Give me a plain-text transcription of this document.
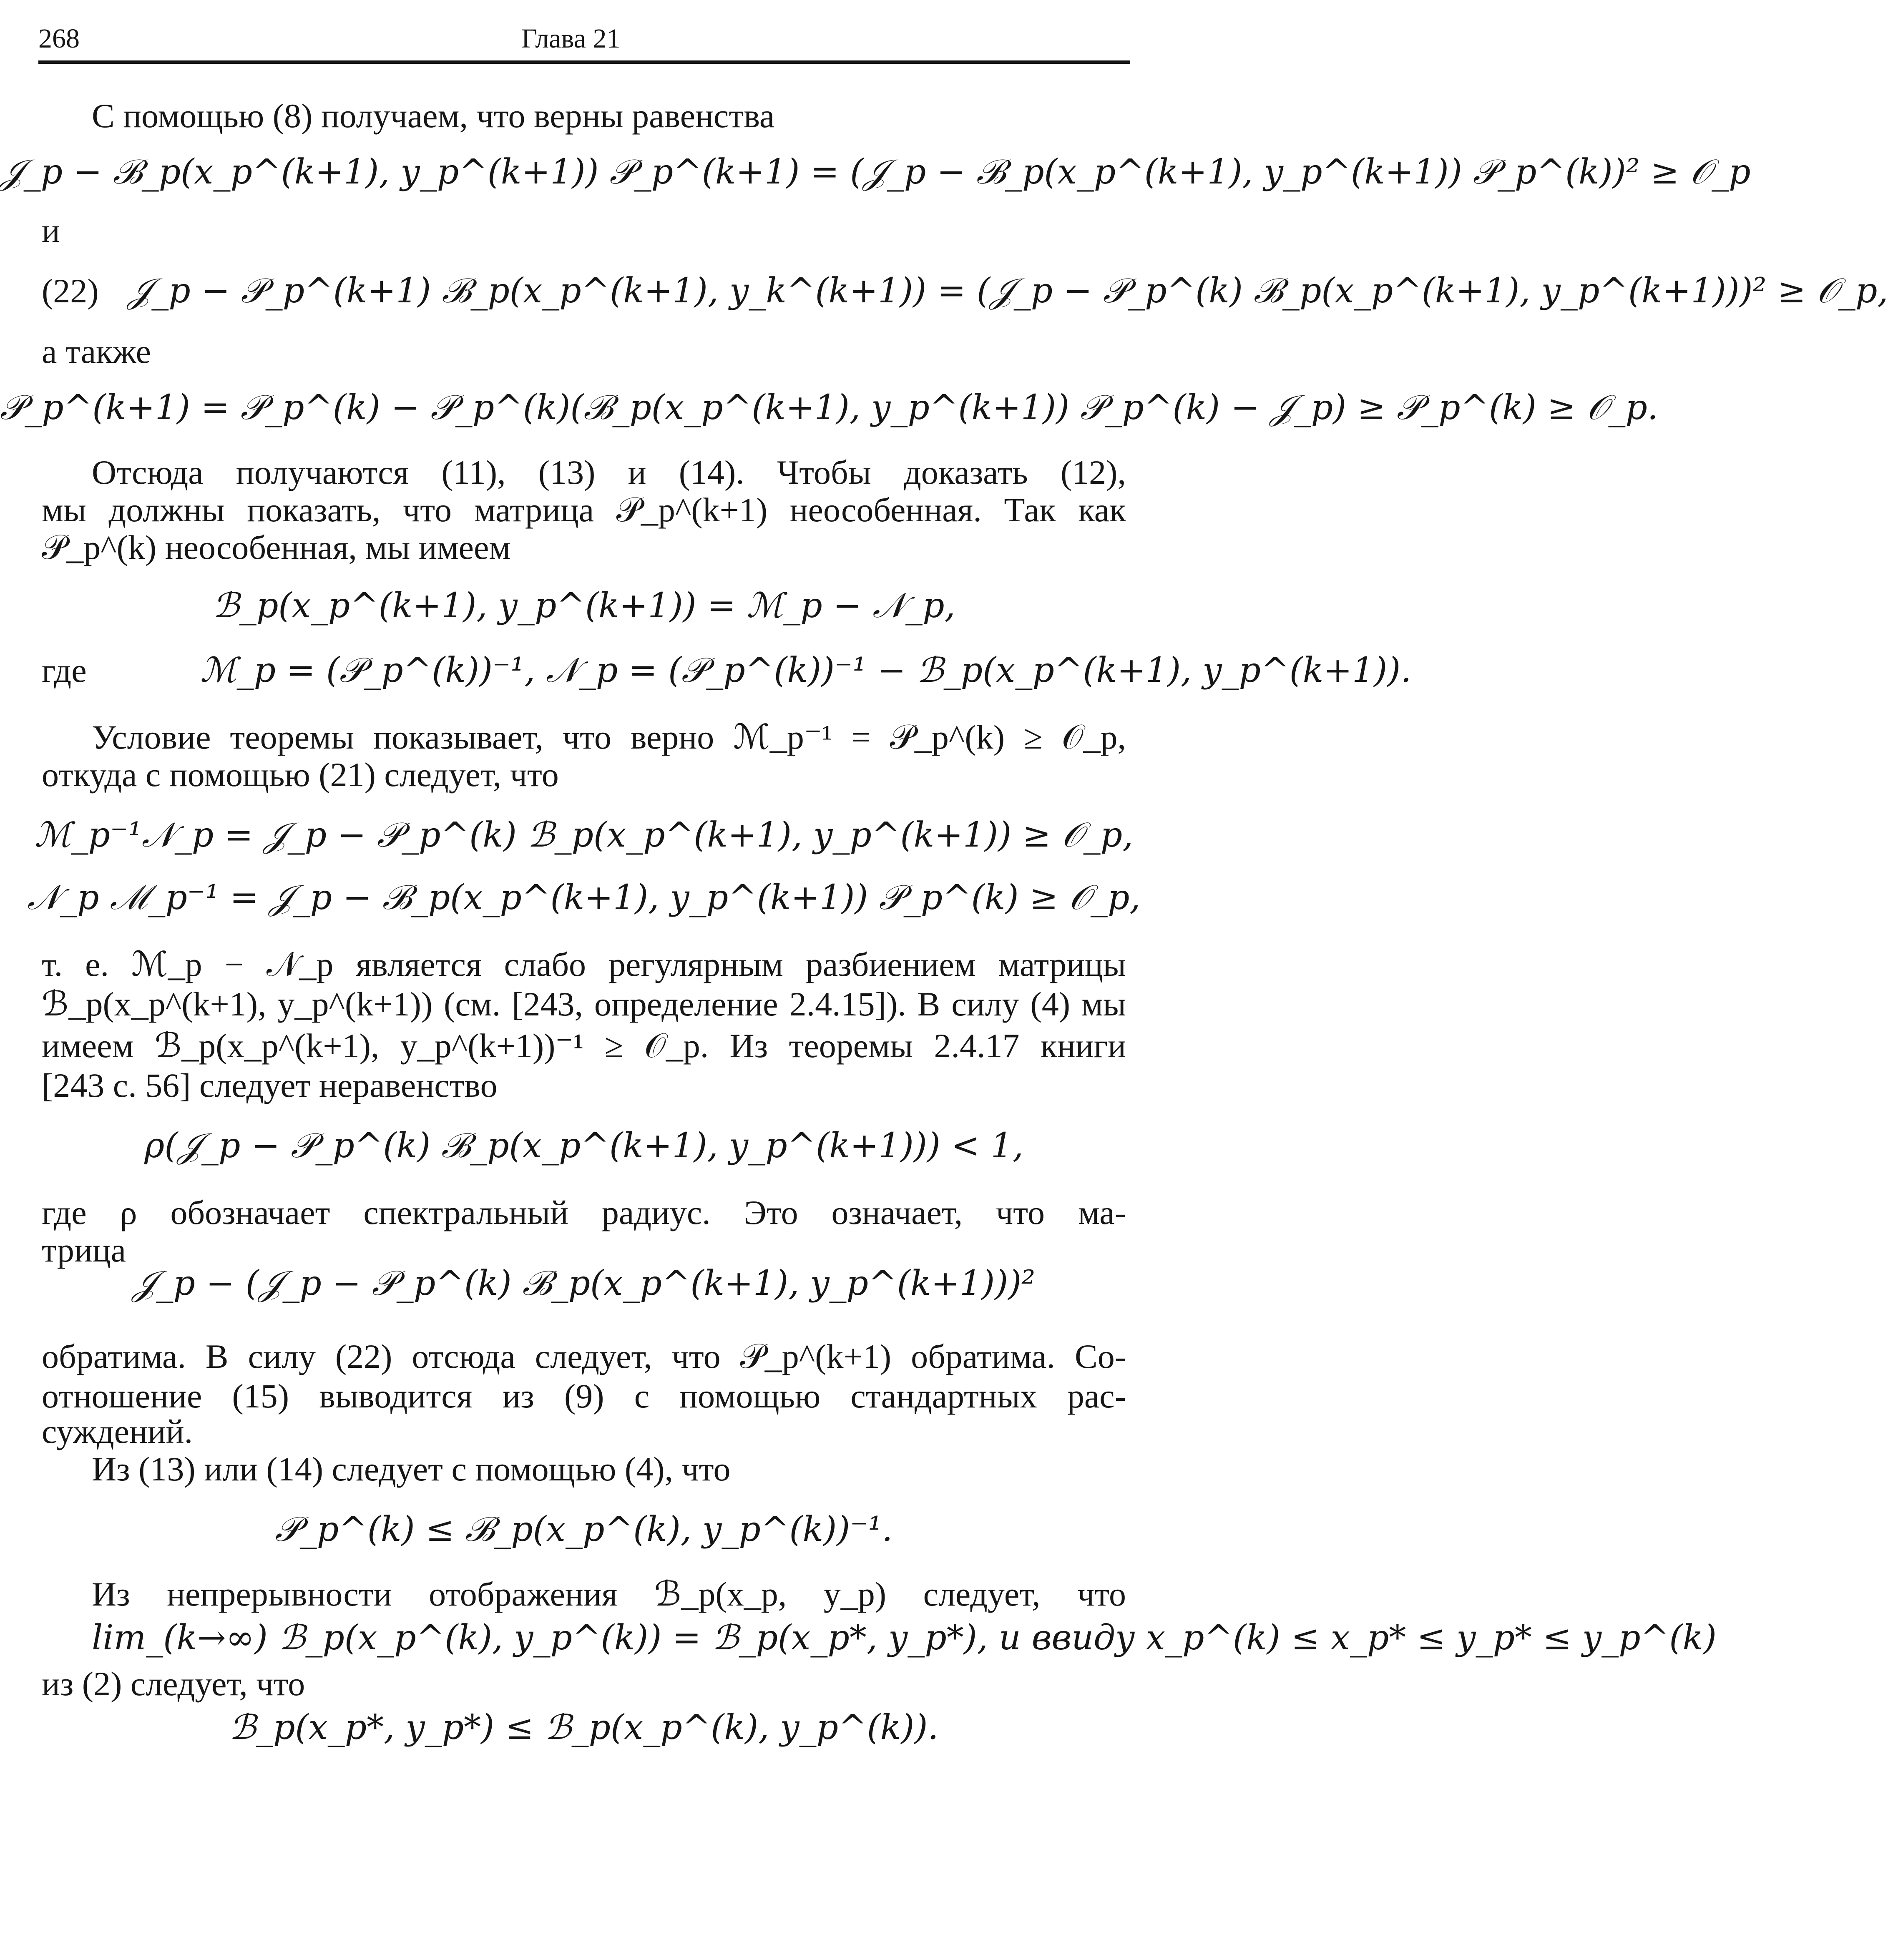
268	Глава 21
С помощью (8) получаем, что верны равенства
𝒥_p − ℬ_p(x_p^(k+1), y_p^(k+1)) 𝒫_p^(k+1) = (𝒥_p − ℬ_p(x_p^(k+1), y_p^(k+1)) 𝒫_p^(k))² ≥ 𝒪_p
и
(22) 𝒥_p − 𝒫_p^(k+1) ℬ_p(x_p^(k+1), y_k^(k+1)) = (𝒥_p − 𝒫_p^(k) ℬ_p(x_p^(k+1), y_p^(k+1)))² ≥ 𝒪_p,
а также
𝒫_p^(k+1) = 𝒫_p^(k) − 𝒫_p^(k)(ℬ_p(x_p^(k+1), y_p^(k+1)) 𝒫_p^(k) − 𝒥_p) ≥ 𝒫_p^(k) ≥ 𝒪_p.
Отсюда получаются (11), (13) и (14). Чтобы доказать (12),
мы должны показать, что матрица 𝒫_p^(k+1) неособенная. Так как
𝒫_p^(k) неособенная, мы имеем
ℬ_p(x_p^(k+1), y_p^(k+1)) = ℳ_p − 𝒩_p,
где	ℳ_p = (𝒫_p^(k))⁻¹, 𝒩_p = (𝒫_p^(k))⁻¹ − ℬ_p(x_p^(k+1), y_p^(k+1)).
Условие теоремы показывает, что верно ℳ_p⁻¹ = 𝒫_p^(k) ≥ 𝒪_p,
откуда с помощью (21) следует, что
ℳ_p⁻¹𝒩_p = 𝒥_p − 𝒫_p^(k) ℬ_p(x_p^(k+1), y_p^(k+1)) ≥ 𝒪_p,
𝒩_p ℳ_p⁻¹ = 𝒥_p − ℬ_p(x_p^(k+1), y_p^(k+1)) 𝒫_p^(k) ≥ 𝒪_p,
т. е. ℳ_p − 𝒩_p является слабо регулярным разбиением матрицы
ℬ_p(x_p^(k+1), y_p^(k+1)) (см. [243, определение 2.4.15]). В силу (4) мы
имеем ℬ_p(x_p^(k+1), y_p^(k+1))⁻¹ ≥ 𝒪_p. Из теоремы 2.4.17 книги
[243 с. 56] следует неравенство
ρ(𝒥_p − 𝒫_p^(k) ℬ_p(x_p^(k+1), y_p^(k+1))) < 1,
где ρ обозначает спектральный радиус. Это означает, что ма-
трица
𝒥_p − (𝒥_p − 𝒫_p^(k) ℬ_p(x_p^(k+1), y_p^(k+1)))²
обратима. В силу (22) отсюда следует, что 𝒫_p^(k+1) обратима. Со-
отношение (15) выводится из (9) с помощью стандартных рас-
суждений.
Из (13) или (14) следует с помощью (4), что
𝒫_p^(k) ≤ ℬ_p(x_p^(k), y_p^(k))⁻¹.
Из непрерывности отображения ℬ_p(x_p, y_p) следует, что
lim_(k→∞) ℬ_p(x_p^(k), y_p^(k)) = ℬ_p(x_p*, y_p*), и ввиду x_p^(k) ≤ x_p* ≤ y_p* ≤ y_p^(k)
из (2) следует, что
ℬ_p(x_p*, y_p*) ≤ ℬ_p(x_p^(k), y_p^(k)).
